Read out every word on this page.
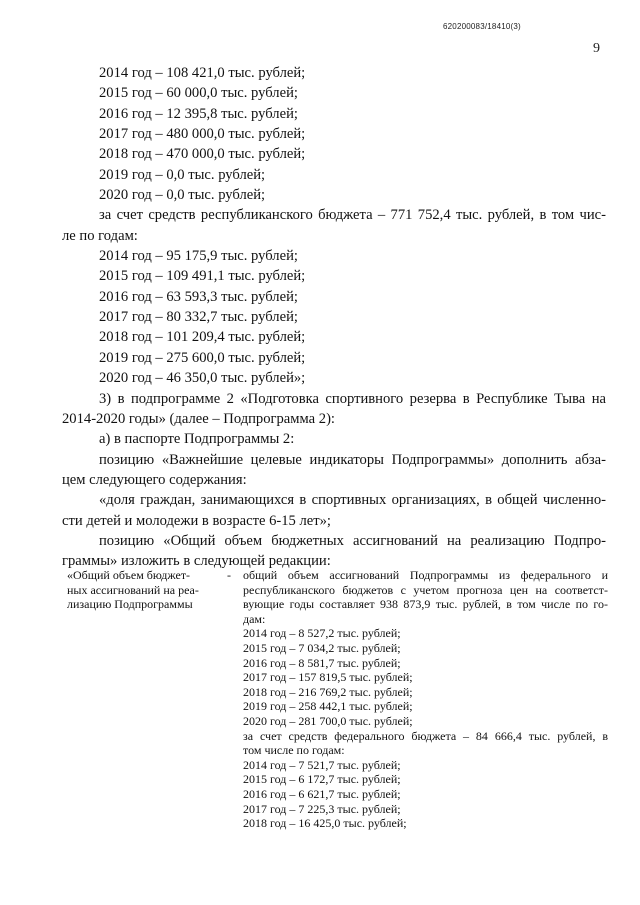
620200083/18410(3)
9
2014 год – 108 421,0 тыс. рублей;
2015 год – 60 000,0 тыс. рублей;
2016 год – 12 395,8 тыс. рублей;
2017 год – 480 000,0 тыс. рублей;
2018 год – 470 000,0 тыс. рублей;
2019 год – 0,0 тыс. рублей;
2020 год – 0,0 тыс. рублей;
за счет средств республиканского бюджета – 771 752,4 тыс. рублей, в том чис-
ле по годам:
2014 год – 95 175,9 тыс. рублей;
2015 год – 109 491,1 тыс. рублей;
2016 год – 63 593,3 тыс. рублей;
2017 год – 80 332,7 тыс. рублей;
2018 год – 101 209,4 тыс. рублей;
2019 год – 275 600,0 тыс. рублей;
2020 год – 46 350,0 тыс. рублей»;
3) в подпрограмме 2 «Подготовка спортивного резерва в Республике Тыва на
2014-2020 годы» (далее – Подпрограмма 2):
а) в паспорте Подпрограммы 2:
позицию «Важнейшие целевые индикаторы Подпрограммы» дополнить абза-
цем следующего содержания:
«доля граждан, занимающихся в спортивных организациях, в общей численно-
сти детей и молодежи в возрасте 6-15 лет»;
позицию «Общий объем бюджетных ассигнований на реализацию Подпро-
граммы» изложить в следующей редакции:
«Общий объем бюджет-
ных ассигнований на реа-
лизацию Подпрограммы
- общий объем ассигнований Подпрограммы из федерального и
республиканского бюджетов с учетом прогноза цен на соответст-
вующие годы составляет 938 873,9 тыс. рублей, в том числе по го-
дам:
2014 год – 8 527,2 тыс. рублей;
2015 год – 7 034,2 тыс. рублей;
2016 год – 8 581,7 тыс. рублей;
2017 год – 157 819,5 тыс. рублей;
2018 год – 216 769,2 тыс. рублей;
2019 год – 258 442,1 тыс. рублей;
2020 год – 281 700,0 тыс. рублей;
за счет средств федерального бюджета – 84 666,4 тыс. рублей, в
том числе по годам:
2014 год – 7 521,7 тыс. рублей;
2015 год – 6 172,7 тыс. рублей;
2016 год – 6 621,7 тыс. рублей;
2017 год – 7 225,3 тыс. рублей;
2018 год – 16 425,0 тыс. рублей;
